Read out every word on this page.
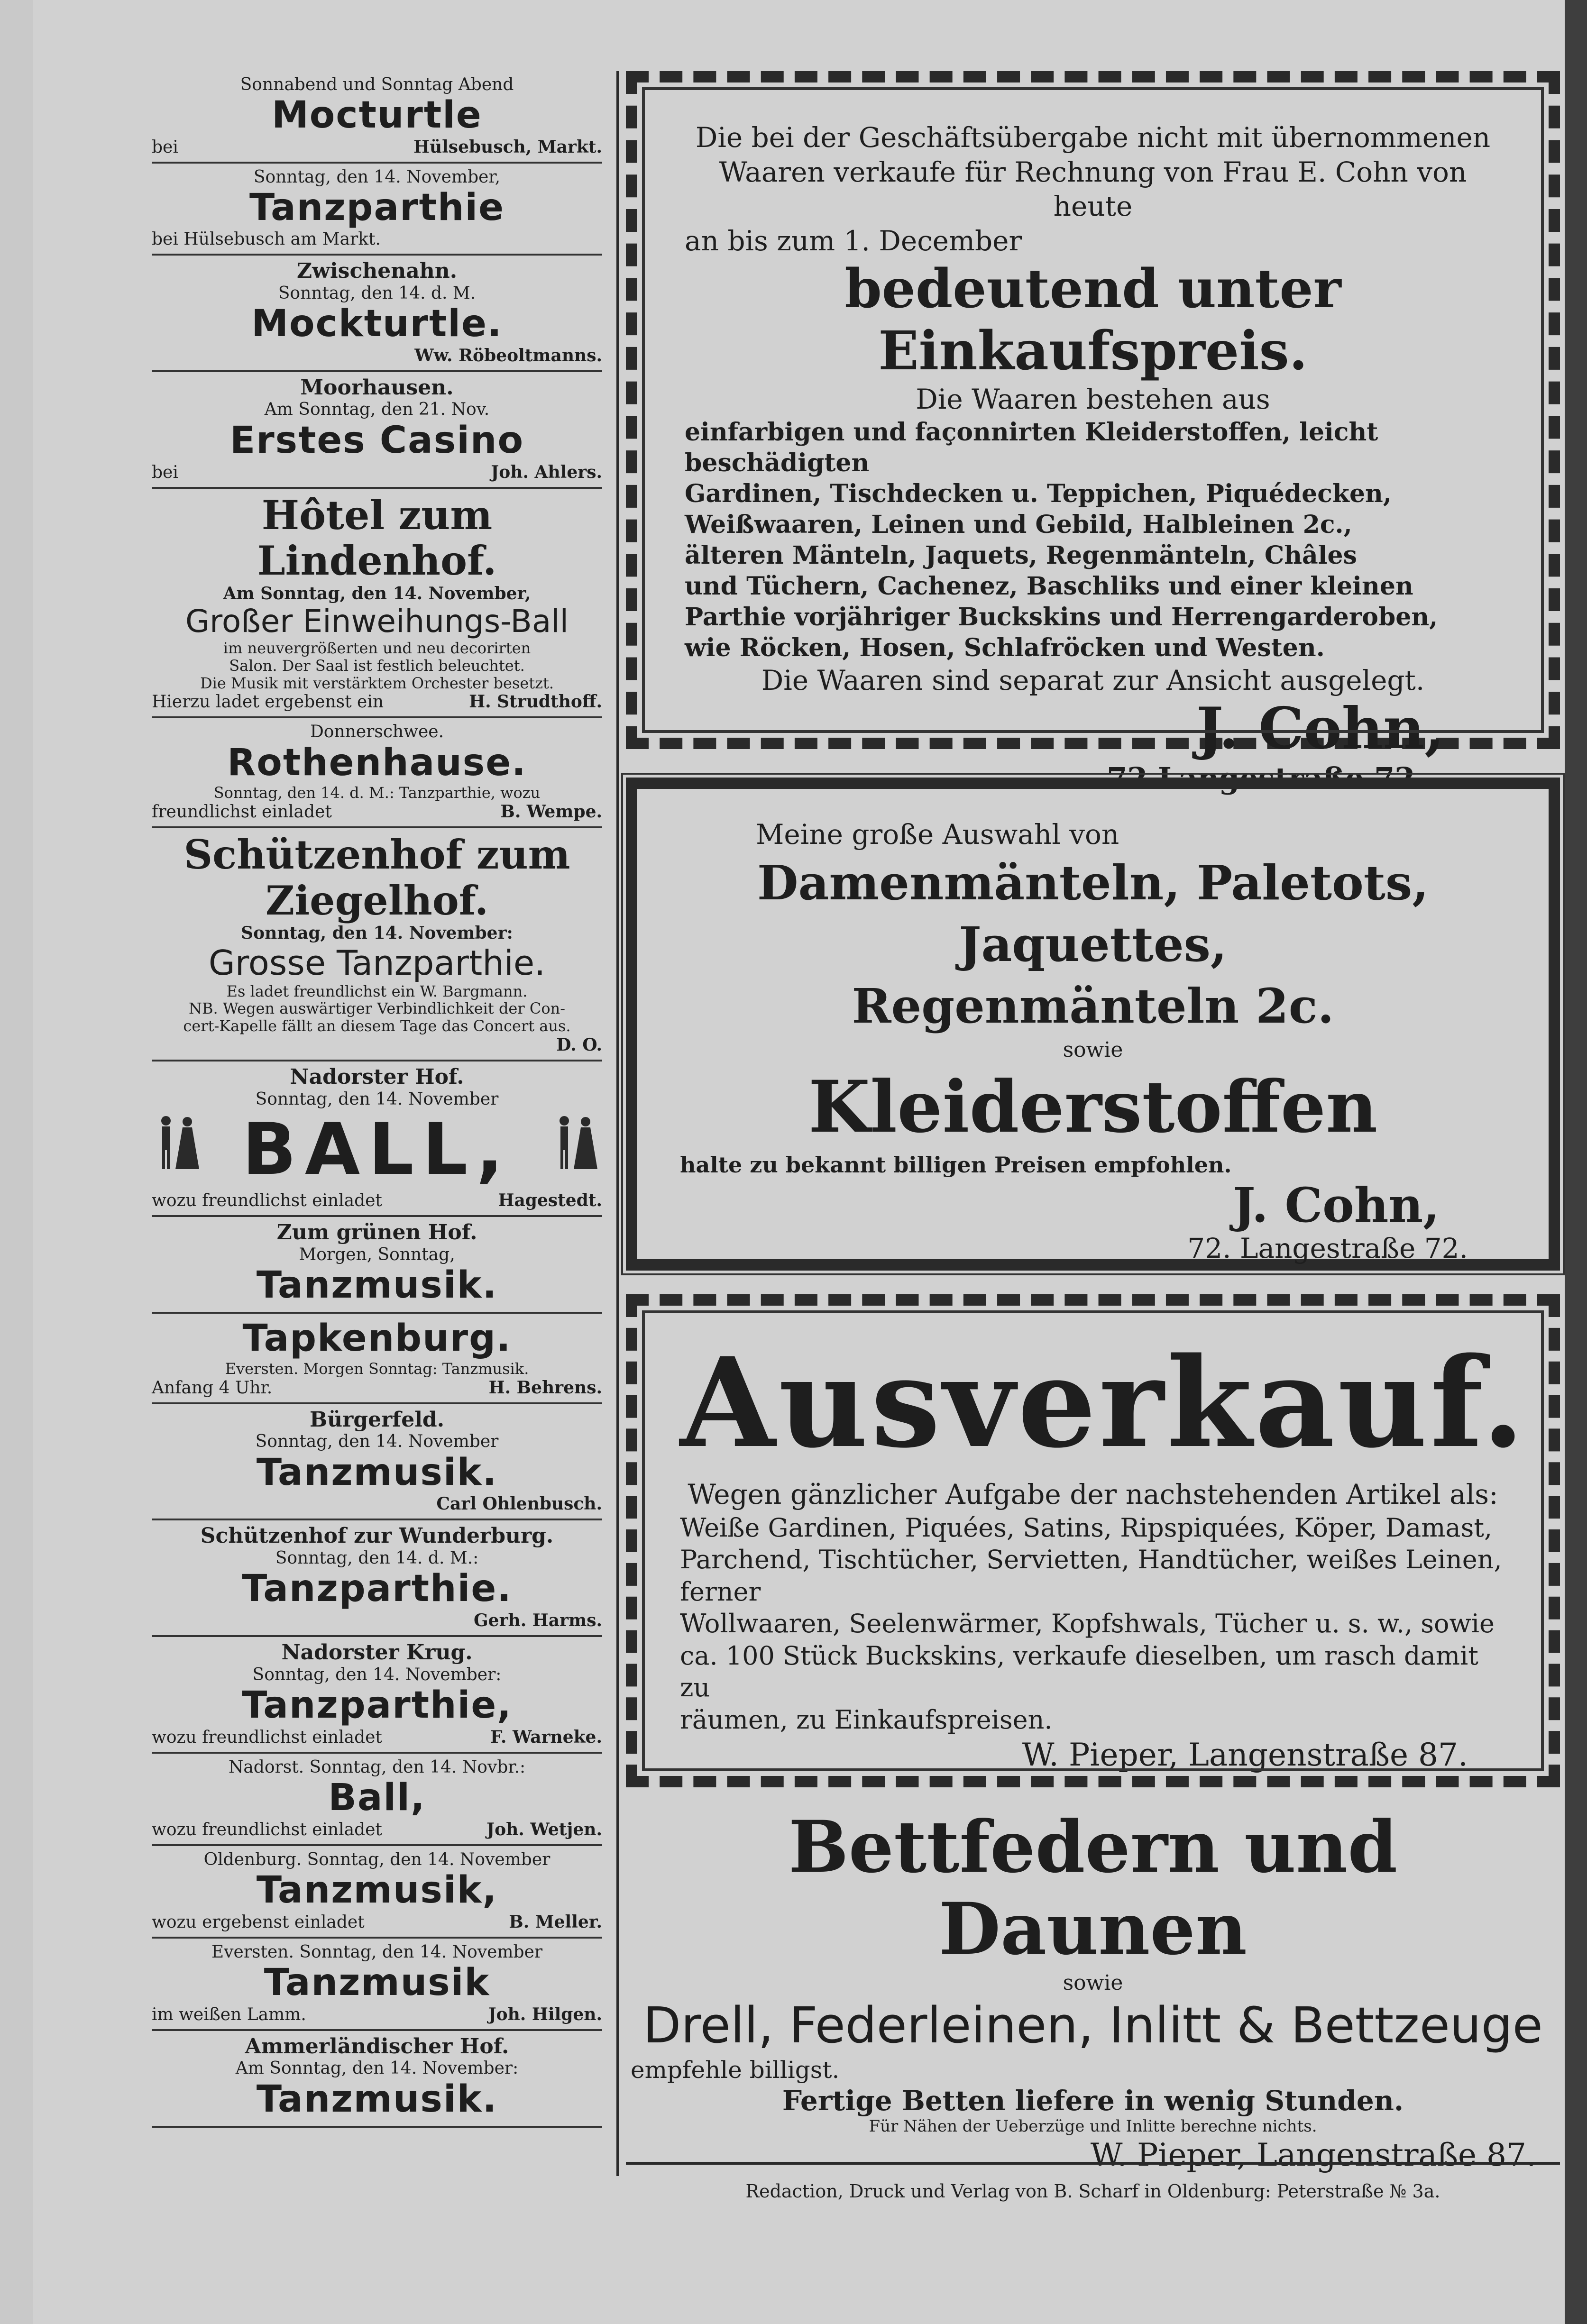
Sonnabend und Sonntag Abend
Mocturtle
bei	Hülsebusch, Markt.
Sonntag, den 14. November,
Tanzparthie
bei Hülsebusch am Markt.
Zwischenahn.
Sonntag, den 14. d. M.
Mockturtle.
Ww. Röbeoltmanns.
Moorhausen.
Am Sonntag, den 21. Nov.
Erstes Casino
bei	Joh. Ahlers.
Hôtel zum Lindenhof.
Am Sonntag, den 14. November,
Großer Einweihungs-Ball
im neuvergrößerten und neu decorirten
Salon. Der Saal ist festlich beleuchtet.
Die Musik mit verstärktem Orchester besetzt.
Hierzu ladet ergebenst ein	H. Strudthoff.
Donnerschwee.
Rothenhause.
Sonntag, den 14. d. M.: Tanzparthie, wozu
freundlichst einladet	B. Wempe.
Schützenhof zum Ziegelhof.
Sonntag, den 14. November:
Grosse Tanzparthie.
Es ladet freundlichst ein W. Bargmann.
NB. Wegen auswärtiger Verbindlichkeit der Con-
cert-Kapelle fällt an diesem Tage das Concert aus.
D. O.
Nadorster Hof.
Sonntag, den 14. November
BALL,
wozu freundlichst einladet	Hagestedt.
Zum grünen Hof.
Morgen, Sonntag,
Tanzmusik.
Tapkenburg.
Eversten. Morgen Sonntag: Tanzmusik.
Anfang 4 Uhr.	H. Behrens.
Bürgerfeld.
Sonntag, den 14. November
Tanzmusik.
Carl Ohlenbusch.
Schützenhof zur Wunderburg.
Sonntag, den 14. d. M.:
Tanzparthie.
Gerh. Harms.
Nadorster Krug.
Sonntag, den 14. November:
Tanzparthie,
wozu freundlichst einladet	F. Warneke.
Nadorst. Sonntag, den 14. Novbr.:
Ball,
wozu freundlichst einladet	Joh. Wetjen.
Oldenburg. Sonntag, den 14. November
Tanzmusik,
wozu ergebenst einladet	B. Meller.
Eversten. Sonntag, den 14. November
Tanzmusik
im weißen Lamm.	Joh. Hilgen.
Ammerländischer Hof.
Am Sonntag, den 14. November:
Tanzmusik.
Die bei der Geschäftsübergabe nicht mit übernommenen
Waaren verkaufe für Rechnung von Frau E. Cohn von heute
an bis zum 1. December
bedeutend unter Einkaufspreis.
Die Waaren bestehen aus
einfarbigen und façonnirten Kleiderstoffen, leicht beschädigten
Gardinen, Tischdecken u. Teppichen, Piquédecken,
Weißwaaren, Leinen und Gebild, Halbleinen 2c.,
älteren Mänteln, Jaquets, Regenmänteln, Châles
und Tüchern, Cachenez, Baschliks und einer kleinen
Parthie vorjähriger Buckskins und Herrengarderoben,
wie Röcken, Hosen, Schlafröcken und Westen.
Die Waaren sind separat zur Ansicht ausgelegt.
J. Cohn,
72 Langestraße 72.
Meine große Auswahl von
Damenmänteln, Paletots, Jaquettes,
Regenmänteln 2c.
sowie
Kleiderstoffen
halte zu bekannt billigen Preisen empfohlen.
J. Cohn,
72. Langestraße 72.
Ausverkauf.
Wegen gänzlicher Aufgabe der nachstehenden Artikel als:
Weiße Gardinen, Piquées, Satins, Ripspiquées, Köper, Damast,
Parchend, Tischtücher, Servietten, Handtücher, weißes Leinen, ferner
Wollwaaren, Seelenwärmer, Kopfshwals, Tücher u. s. w., sowie
ca. 100 Stück Buckskins, verkaufe dieselben, um rasch damit zu
räumen, zu Einkaufspreisen.
W. Pieper, Langenstraße 87.
Bettfedern und Daunen
sowie
Drell, Federleinen, Inlitt & Bettzeuge
empfehle billigst.
Fertige Betten liefere in wenig Stunden.
Für Nähen der Ueberzüge und Inlitte berechne nichts.
W. Pieper, Langenstraße 87.
Redaction, Druck und Verlag von B. Scharf in Oldenburg: Peterstraße № 3a.
